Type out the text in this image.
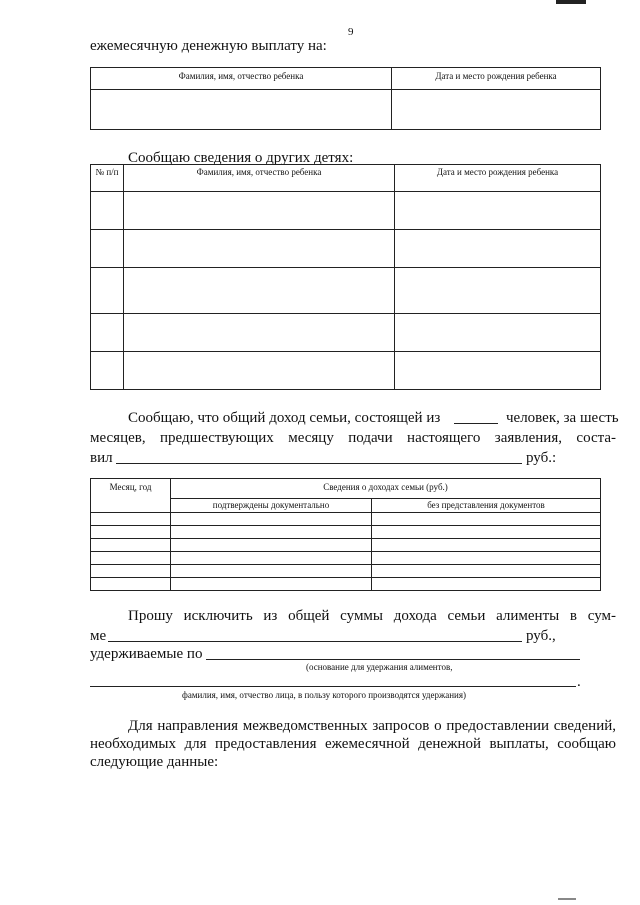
9
ежемесячную денежную выплату на:
Фамилия, имя, отчество ребенка	Дата и место рождения ребенка

Сообщаю сведения о других детях:
№ п/п	Фамилия, имя, отчество ребенка	Дата и место рождения ребенка

Сообщаю, что общий доход семьи, состоящей из	человек, за шесть
месяцев, предшествующих месяцу подачи настоящего заявления, соста-
вил	руб.:
Месяц, год	Сведения о доходах семьи (руб.)	
	подтверждены документально	без представления документов

Прошу исключить из общей суммы дохода семьи алименты в сум-
ме	руб.,
удерживаемые по
(основание для удержания алиментов,
.
фамилия, имя, отчество лица, в пользу которого производятся удержания)
Для направления межведомственных запросов о предоставлении сведений,
необходимых для предоставления ежемесячной денежной выплаты, сообщаю
следующие данные:
